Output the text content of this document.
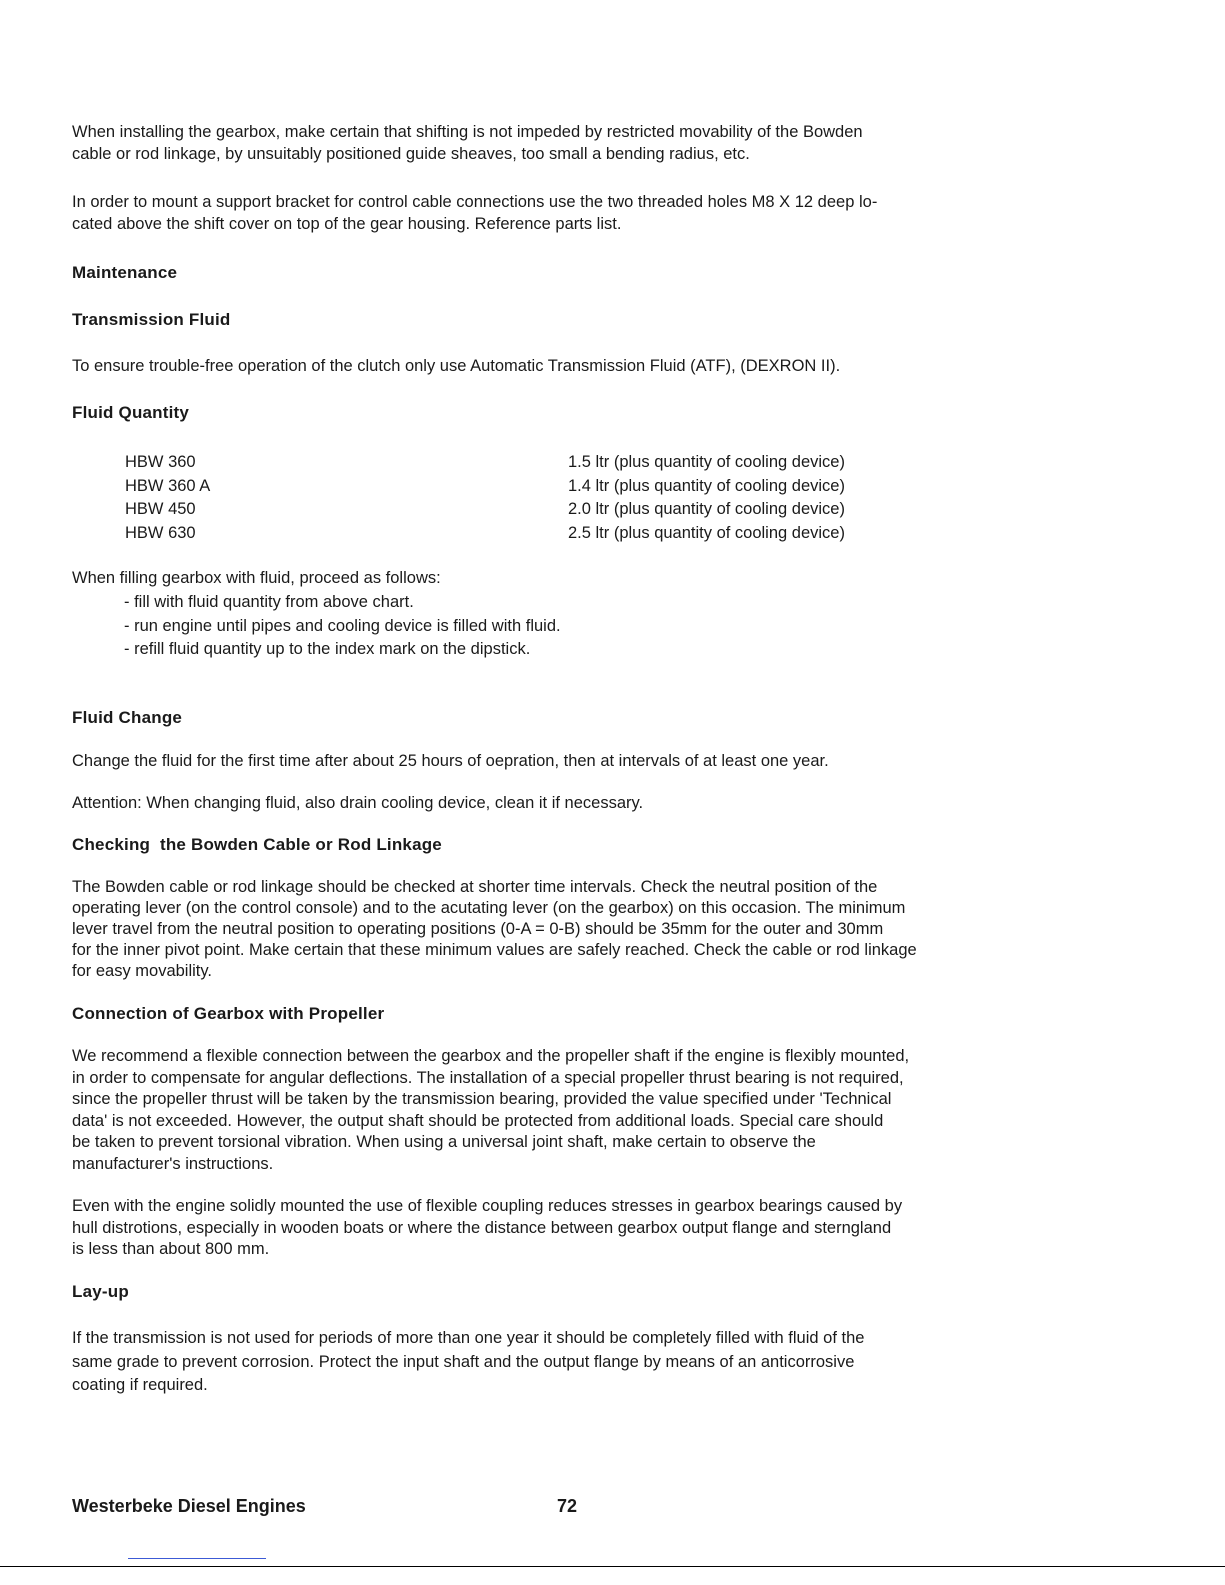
When installing the gearbox, make certain that shifting is not impeded by restricted movability of the Bowden
cable or rod linkage, by unsuitably positioned guide sheaves, too small a bending radius, etc.

In order to mount a support bracket for control cable connections use the two threaded holes M8 X 12 deep lo-
cated above the shift cover on top of the gear housing. Reference parts list.

Maintenance
Transmission Fluid

To ensure trouble-free operation of the clutch only use Automatic Transmission Fluid (ATF), (DEXRON II).

Fluid Quantity
HBW 360	1.5 ltr (plus quantity of cooling device)
HBW 360 A	1.4 ltr (plus quantity of cooling device)
HBW 450	2.0 ltr (plus quantity of cooling device)
HBW 630	2.5 ltr (plus quantity of cooling device)

When filling gearbox with fluid, proceed as follows:

- fill with fluid quantity from above chart.
- run engine until pipes and cooling device is filled with fluid.
- refill fluid quantity up to the index mark on the dipstick.
Fluid Change

Change the fluid for the first time after about 25 hours of oepration, then at intervals of at least one year.

Attention: When changing fluid, also drain cooling device, clean it if necessary.

Checking  the Bowden Cable or Rod Linkage

The Bowden cable or rod linkage should be checked at shorter time intervals. Check the neutral position of the
operating lever (on the control console) and to the acutating lever (on the gearbox) on this occasion. The minimum
lever travel from the neutral position to operating positions (0-A = 0-B) should be 35mm for the outer and 30mm
for the inner pivot point. Make certain that these minimum values are safely reached. Check the cable or rod linkage
for easy movability.

Connection of Gearbox with Propeller

We recommend a flexible connection between the gearbox and the propeller shaft if the engine is flexibly mounted,
in order to compensate for angular deflections. The installation of a special propeller thrust bearing is not required,
since the propeller thrust will be taken by the transmission bearing, provided the value specified under 'Technical
data' is not exceeded. However, the output shaft should be protected from additional loads. Special care should
be taken to prevent torsional vibration. When using a universal joint shaft, make certain to observe the
manufacturer's instructions.

Even with the engine solidly mounted the use of flexible coupling reduces stresses in gearbox bearings caused by
hull distrotions, especially in wooden boats or where the distance between gearbox output flange and sterngland
is less than about 800 mm.

Lay-up

If the transmission is not used for periods of more than one year it should be completely filled with fluid of the
same grade to prevent corrosion. Protect the input shaft and the output flange by means of an anticorrosive
coating if required.

Westerbeke Diesel Engines	72
